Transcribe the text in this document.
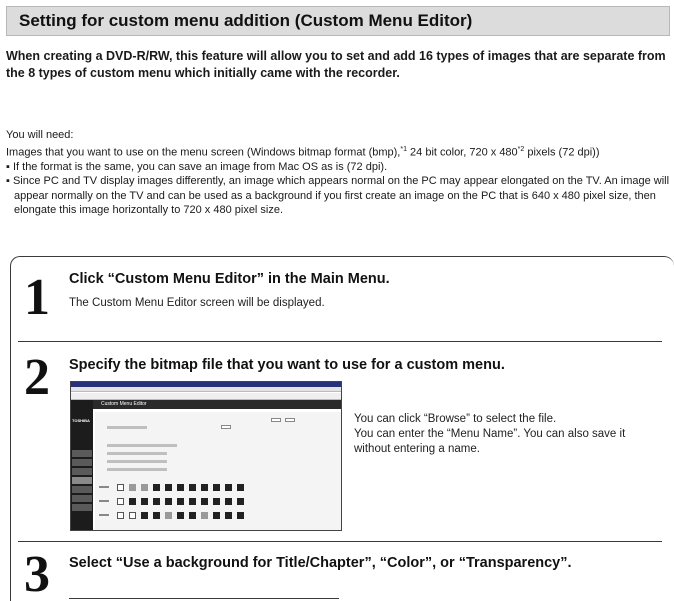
Setting for custom menu addition (Custom Menu Editor)
When creating a DVD-R/RW, this feature will allow you to set and add 16 types of images that are separate from the 8 types of custom menu which initially came with the recorder.
You will need:
Images that you want to use on the menu screen (Windows bitmap format (bmp),$^{*1}$ 24 bit color, 720 x 480$^{*2}$ pixels (72 dpi))
▪ If the format is the same, you can save an image from Mac OS as is (72 dpi).
▪ Since PC and TV display images differently, an image which appears normal on the PC may appear elongated on the TV. An image will appear normally on the TV and can be used as a background if you first create an image on the PC that is 640 x 480 pixel size, then elongate this image horizontally to 720 x 480 pixel size.
1 Click “Custom Menu Editor” in the Main Menu.
The Custom Menu Editor screen will be displayed.
2 Specify the bitmap file that you want to use for a custom menu.
Custom Menu Editor
TOSHIBA	You can click “Browse” to select the file.
You can enter the “Menu Name”. You can also save it without entering a name.
3 Select “Use a background for Title/Chapter”, “Color”, or “Transparency”.
